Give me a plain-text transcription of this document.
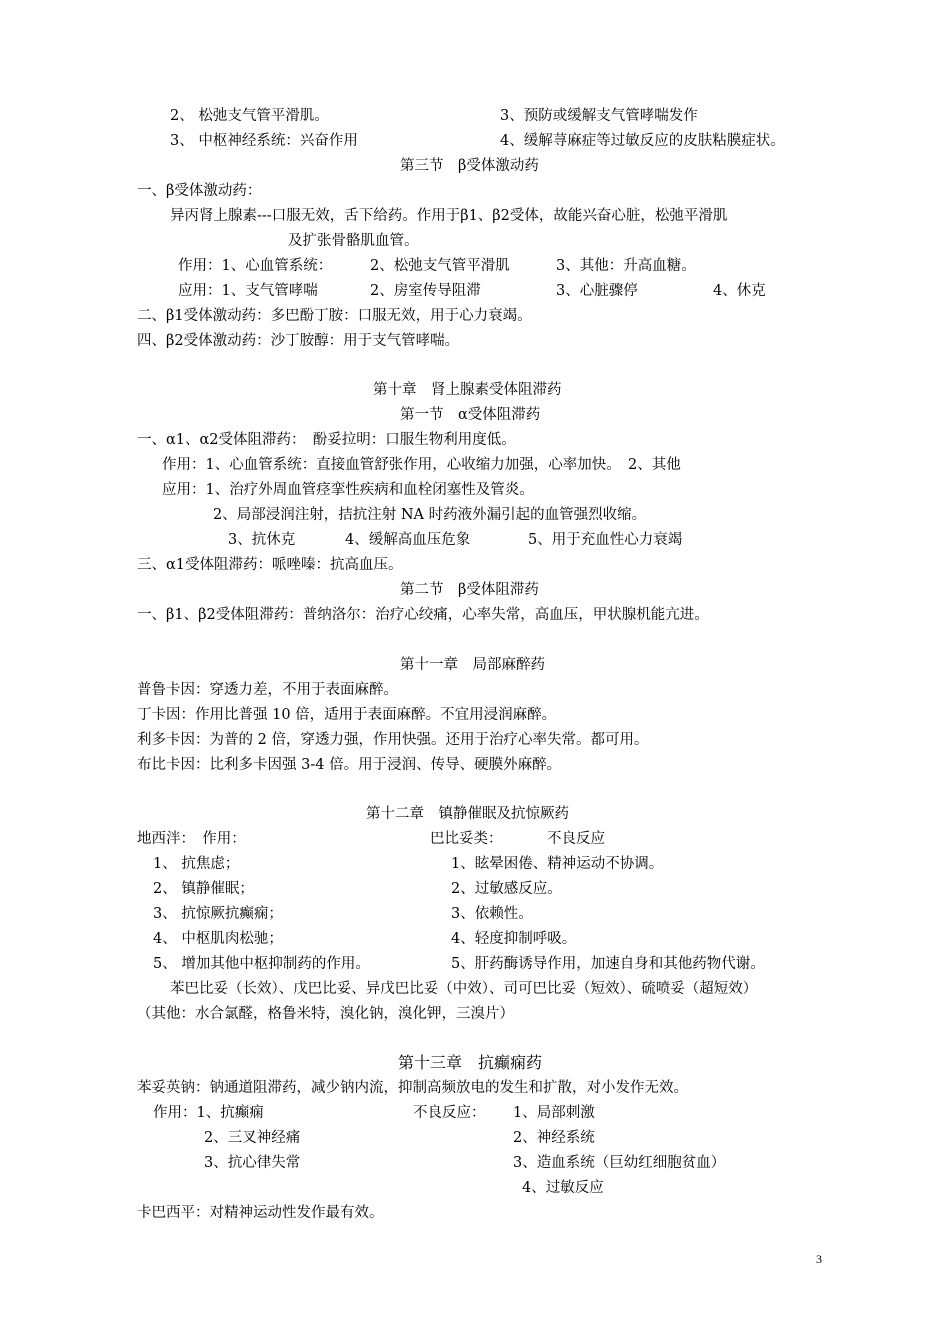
2、 松弛支气管平滑肌。	3、预防或缓解支气管哮喘发作
3、 中枢神经系统：兴奋作用	4、缓解荨麻症等过敏反应的皮肤粘膜症状。
第三节　β受体激动药
一、β受体激动药：
异丙肾上腺素---口服无效，舌下给药。作用于β1、β2受体，故能兴奋心脏，松弛平滑肌
及扩张骨骼肌血管。
作用：1、心血管系统：	2、松弛支气管平滑肌	3、其他：升高血糖。
应用：1、支气管哮喘	2、房室传导阻滞	3、心脏骤停	4、休克
二、β1受体激动药：多巴酚丁胺：口服无效，用于心力衰竭。
四、β2受体激动药：沙丁胺醇：用于支气管哮喘。
第十章　肾上腺素受体阻滞药
第一节　α受体阻滞药
一、α1、α2受体阻滞药：　酚妥拉明：口服生物利用度低。
作用：1、心血管系统：直接血管舒张作用，心收缩力加强，心率加快。　2、其他
应用：1、治疗外周血管痉挛性疾病和血栓闭塞性及管炎。
2、局部浸润注射，拮抗注射 NA 时药液外漏引起的血管强烈收缩。
3、抗休克	4、缓解高血压危象	5、用于充血性心力衰竭
三、α1受体阻滞药：哌唑嗪：抗高血压。
第二节　β受体阻滞药
一、β1、β2受体阻滞药：普纳洛尔：治疗心绞痛，心率失常，高血压，甲状腺机能亢进。
第十一章　局部麻醉药
普鲁卡因：穿透力差，不用于表面麻醉。
丁卡因：作用比普强 10 倍，适用于表面麻醉。不宜用浸润麻醉。
利多卡因：为普的 2 倍，穿透力强，作用快强。还用于治疗心率失常。都可用。
布比卡因：比利多卡因强 3-4 倍。用于浸润、传导、硬膜外麻醉。
第十二章　镇静催眠及抗惊厥药
地西泮：　作用：	巴比妥类：	不良反应
1、 抗焦虑；	1、眩晕困倦、精神运动不协调。
2、 镇静催眠；	2、过敏感反应。
3、 抗惊厥抗癫痫；	3、依赖性。
4、 中枢肌肉松驰；	4、轻度抑制呼吸。
5、 增加其他中枢抑制药的作用。	5、肝药酶诱导作用，加速自身和其他药物代谢。
苯巴比妥（长效）、戊巴比妥、异戊巴比妥（中效）、司可巴比妥（短效）、硫喷妥（超短效）
（其他：水合氯醛，格鲁米特，溴化钠，溴化钾，三溴片）
第十三章　抗癫痫药
苯妥英钠：钠通道阻滞药，减少钠内流，抑制高频放电的发生和扩散，对小发作无效。
作用：1、抗癫痫	不良反应： 1、局部刺激
2、三叉神经痛	2、神经系统
3、抗心律失常	3、造血系统（巨幼红细胞贫血）
4、过敏反应
卡巴西平：对精神运动性发作最有效。
3
